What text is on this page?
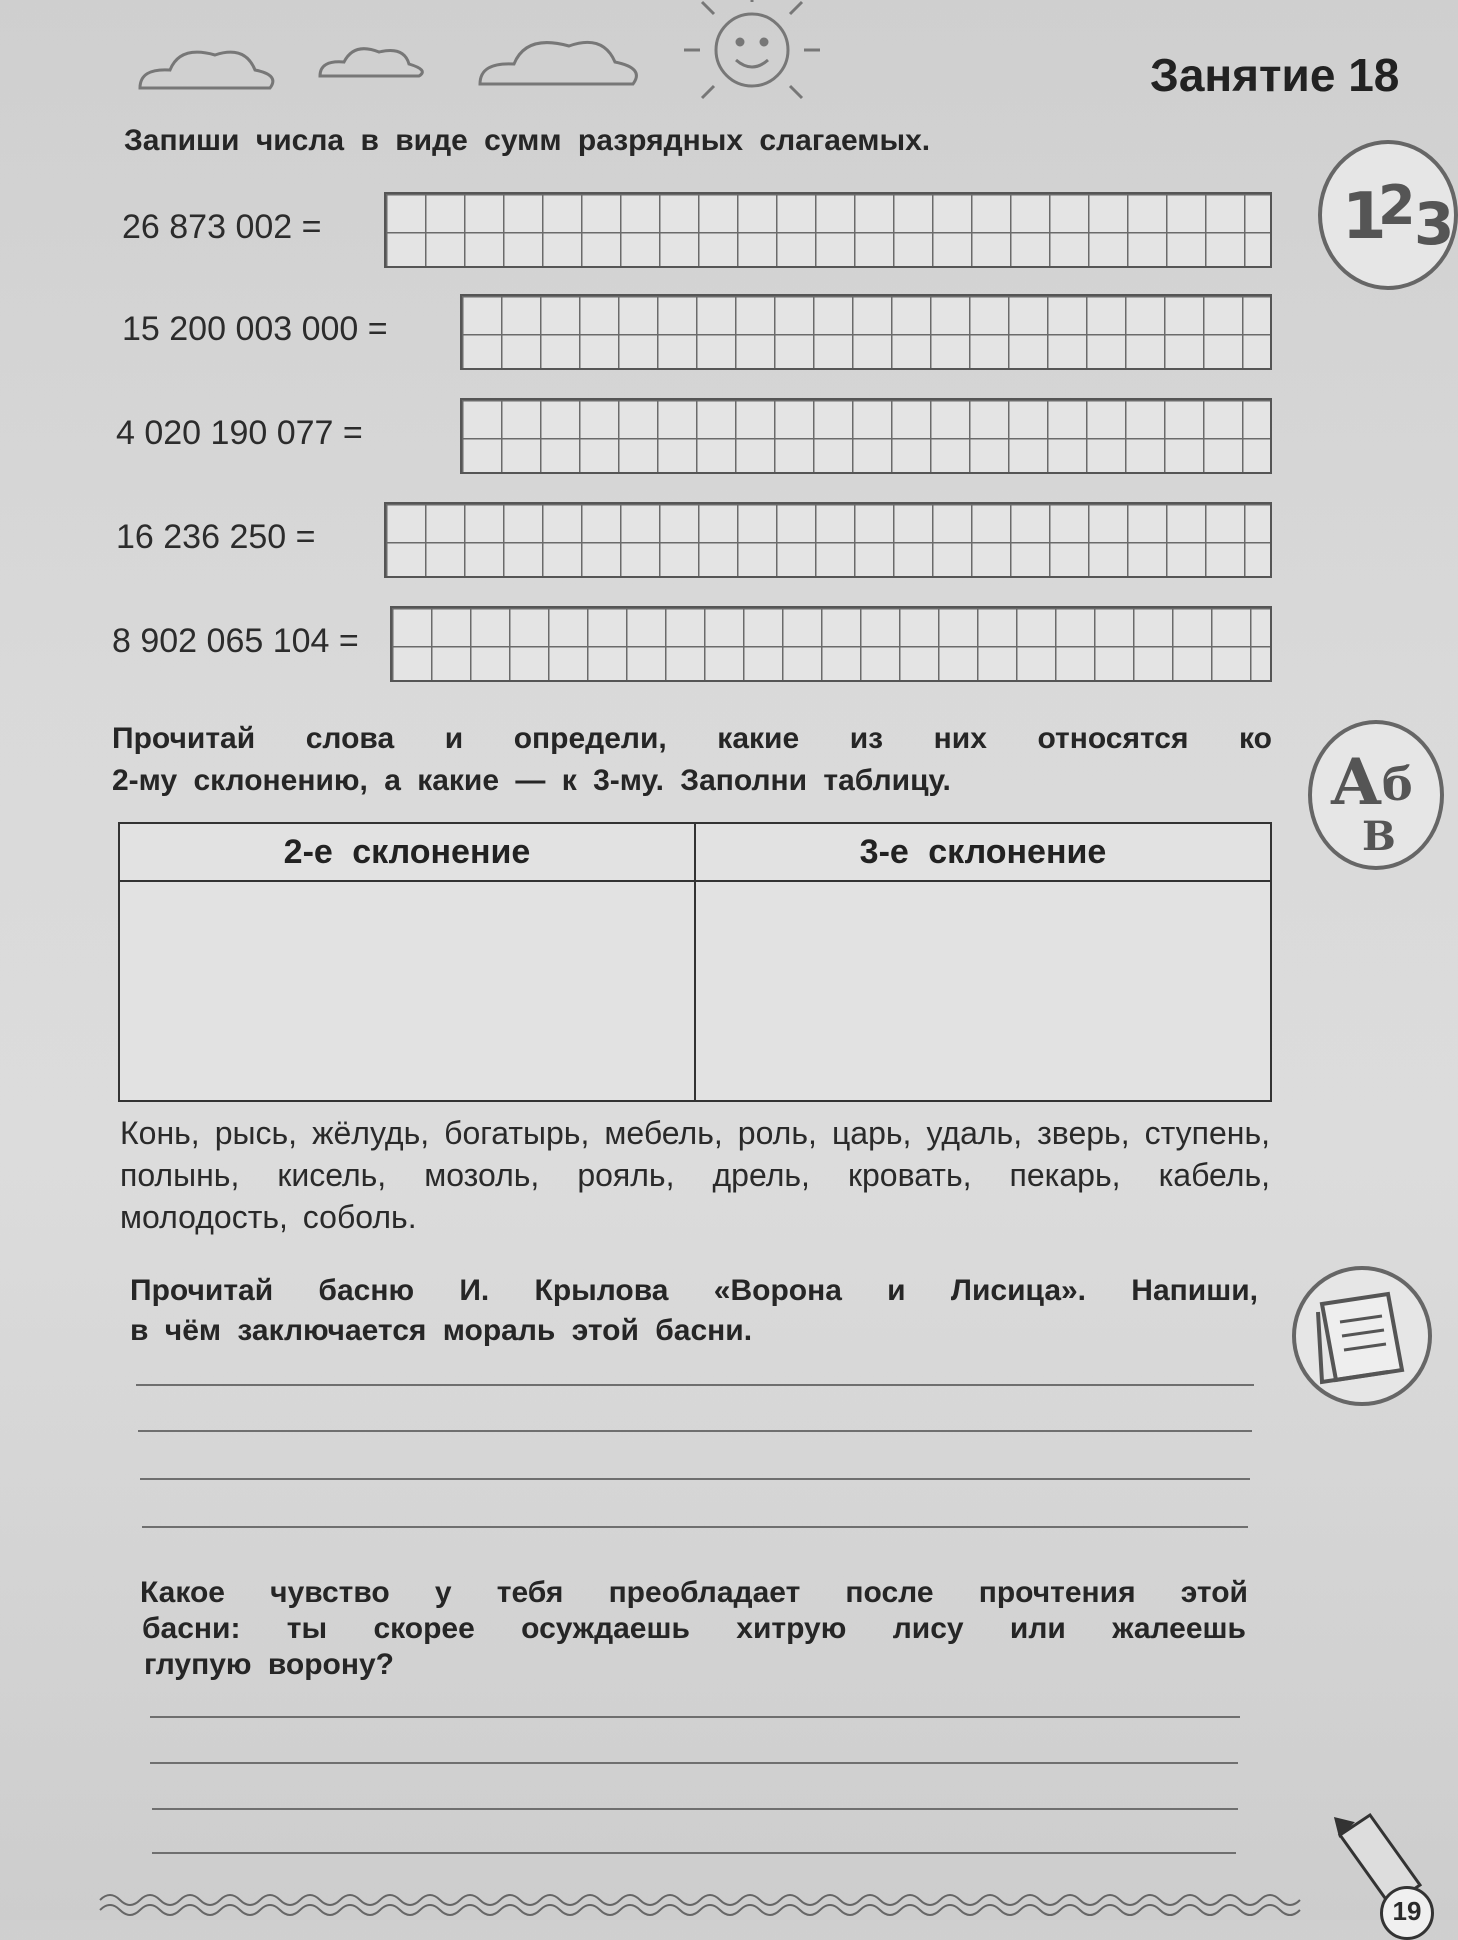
Занятие 18
1
2
3
Запиши числа в виде сумм разрядных слагаемых.
26 873 002 =
15 200 003 000 =
4 020 190 077 =
16 236 250 =
8 902 065 104 =
А б
В
Прочитай слова и определи, какие из них относятся ко
2-му склонению, а какие — к 3-му. Заполни таблицу.
2-е склонение	3-е склонение

Конь, рысь, жёлудь, богатырь, мебель, роль, царь, удаль, зверь, ступень, полынь, кисель, мозоль, рояль, дрель, кровать, пекарь, кабель, молодость, соболь.
Прочитай басню И. Крылова «Ворона и Лисица». Напиши,
в чём заключается мораль этой басни.
Какое чувство у тебя преобладает после прочтения этой
басни: ты скорее осуждаешь хитрую лису или жалеешь
глупую ворону?
19
